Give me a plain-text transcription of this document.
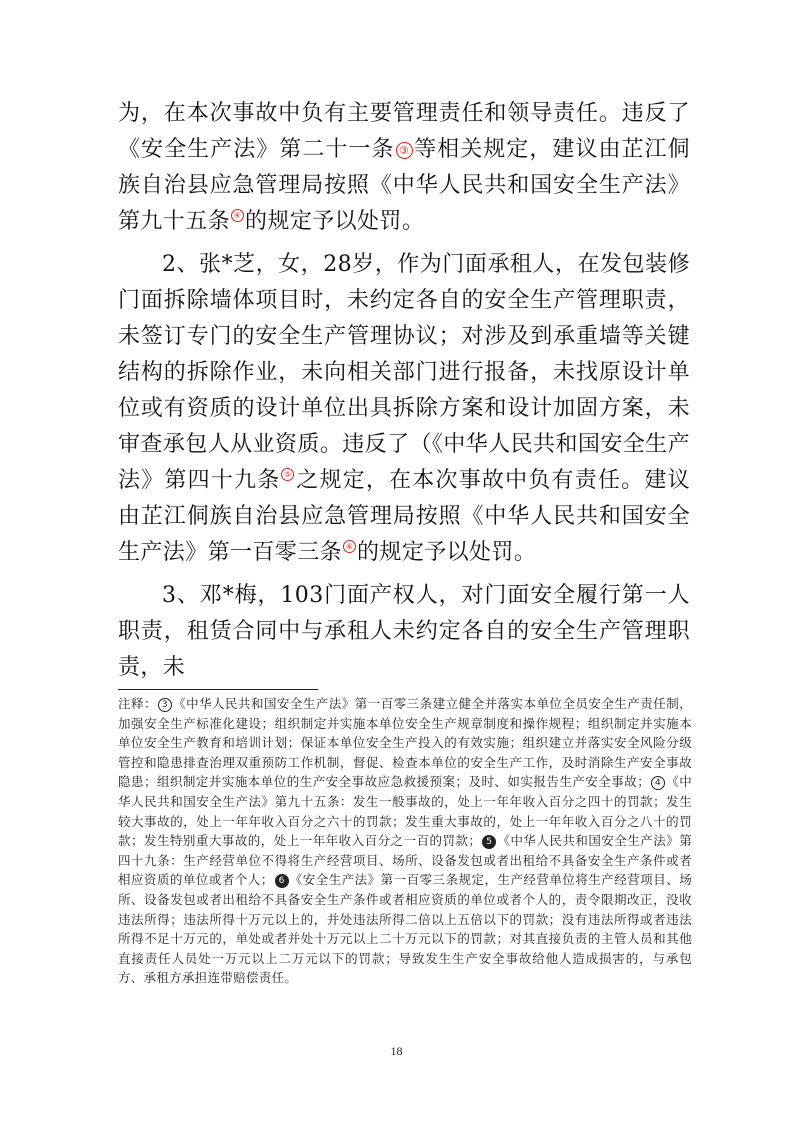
为，在本次事故中负有主要管理责任和领导责任。违反了《安全生产法》第二十一条 ③ 等相关规定，建议由芷江侗族自治县应急管理局按照《中华人民共和国安全生产法》第九十五条 ④ 的规定予以处罚。

2、张*芝，女，28岁，作为门面承租人，在发包装修门面拆除墙体项目时，未约定各自的安全生产管理职责，未签订专门的安全生产管理协议；对涉及到承重墙等关键结构的拆除作业，未向相关部门进行报备，未找原设计单位或有资质的设计单位出具拆除方案和设计加固方案，未审查承包人从业资质。违反了（《中华人民共和国安全生产法》第四十九条 ⑤ 之规定，在本次事故中负有责任。建议由芷江侗族自治县应急管理局按照《中华人民共和国安全生产法》第一百零三条 ⑥ 的规定予以处罚。

3、邓*梅，103门面产权人，对门面安全履行第一人职责，租赁合同中与承租人未约定各自的安全生产管理职责，未

注释： 3 《中华人民共和国安全生产法》第一百零三条建立健全并落实本单位全员安全生产责任制，加强安全生产标准化建设；组织制定并实施本单位安全生产规章制度和操作规程；组织制定并实施本单位安全生产教育和培训计划；保证本单位安全生产投入的有效实施；组织建立并落实安全风险分级管控和隐患排查治理双重预防工作机制，督促、检查本单位的安全生产工作，及时消除生产安全事故隐患；组织制定并实施本单位的生产安全事故应急救援预案；及时、如实报告生产安全事故； 4 《中华人民共和国安全生产法》第九十五条：发生一般事故的，处上一年年收入百分之四十的罚款；发生较大事故的，处上一年年收入百分之六十的罚款；发生重大事故的，处上一年年收入百分之八十的罚款；发生特别重大事故的，处上一年年收入百分之一百的罚款； 5 《中华人民共和国安全生产法》第四十九条：生产经营单位不得将生产经营项目、场所、设备发包或者出租给不具备安全生产条件或者相应资质的单位或者个人； 6 《安全生产法》第一百零三条规定，生产经营单位将生产经营项目、场所、设备发包或者出租给不具备安全生产条件或者相应资质的单位或者个人的，责令限期改正，没收违法所得；违法所得十万元以上的，并处违法所得二倍以上五倍以下的罚款；没有违法所得或者违法所得不足十万元的，单处或者并处十万元以上二十万元以下的罚款；对其直接负责的主管人员和其他直接责任人员处一万元以上二万元以下的罚款；导致发生生产安全事故给他人造成损害的，与承包方、承租方承担连带赔偿责任。

18
